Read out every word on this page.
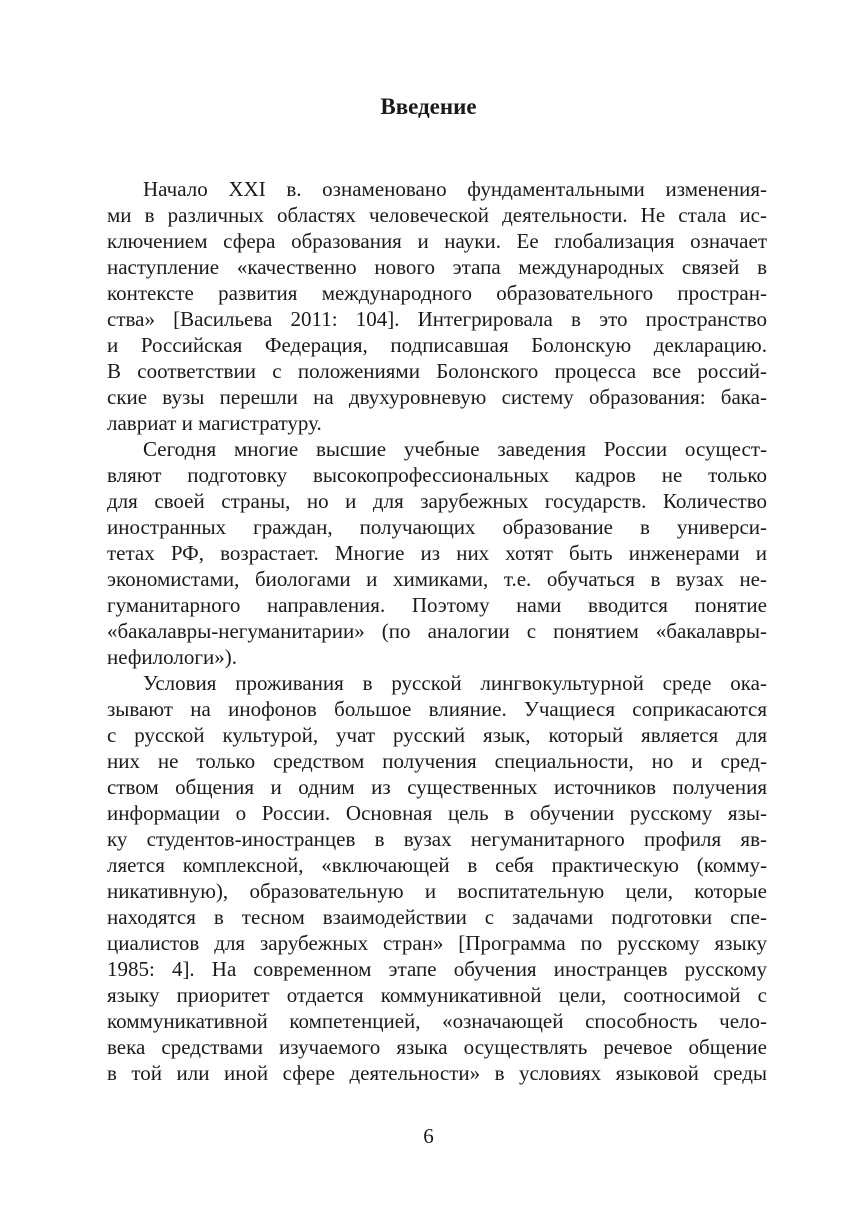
Введение
Начало XXI в. ознаменовано фундаментальными изменения-
ми в различных областях человеческой деятельности. Не стала ис-
ключением сфера образования и науки. Ее глобализация означает
наступление «качественно нового этапа международных связей в
контексте развития международного образовательного простран-
ства» [Васильева 2011: 104]. Интегрировала в это пространство
и Российская Федерация, подписавшая Болонскую декларацию.
В соответствии с положениями Болонского процесса все россий-
ские вузы перешли на двухуровневую систему образования: бака-
лавриат и магистратуру.
Сегодня многие высшие учебные заведения России осущест-
вляют подготовку высокопрофессиональных кадров не только
для своей страны, но и для зарубежных государств. Количество
иностранных граждан, получающих образование в универси-
тетах РФ, возрастает. Многие из них хотят быть инженерами и
экономистами, биологами и химиками, т.е. обучаться в вузах не-
гуманитарного направления. Поэтому нами вводится понятие
«бакалавры-негуманитарии» (по аналогии с понятием «бакалавры-
нефилологи»).
Условия проживания в русской лингвокультурной среде ока-
зывают на инофонов большое влияние. Учащиеся соприкасаются
с русской культурой, учат русский язык, который является для
них не только средством получения специальности, но и сред-
ством общения и одним из существенных источников получения
информации о России. Основная цель в обучении русскому язы-
ку студентов-иностранцев в вузах негуманитарного профиля яв-
ляется комплексной, «включающей в себя практическую (комму-
никативную), образовательную и воспитательную цели, которые
находятся в тесном взаимодействии с задачами подготовки спе-
циалистов для зарубежных стран» [Программа по русскому языку
1985: 4]. На современном этапе обучения иностранцев русскому
языку приоритет отдается коммуникативной цели, соотносимой с
коммуникативной компетенцией, «означающей способность чело-
века средствами изучаемого языка осуществлять речевое общение
в той или иной сфере деятельности» в условиях языковой среды
6
